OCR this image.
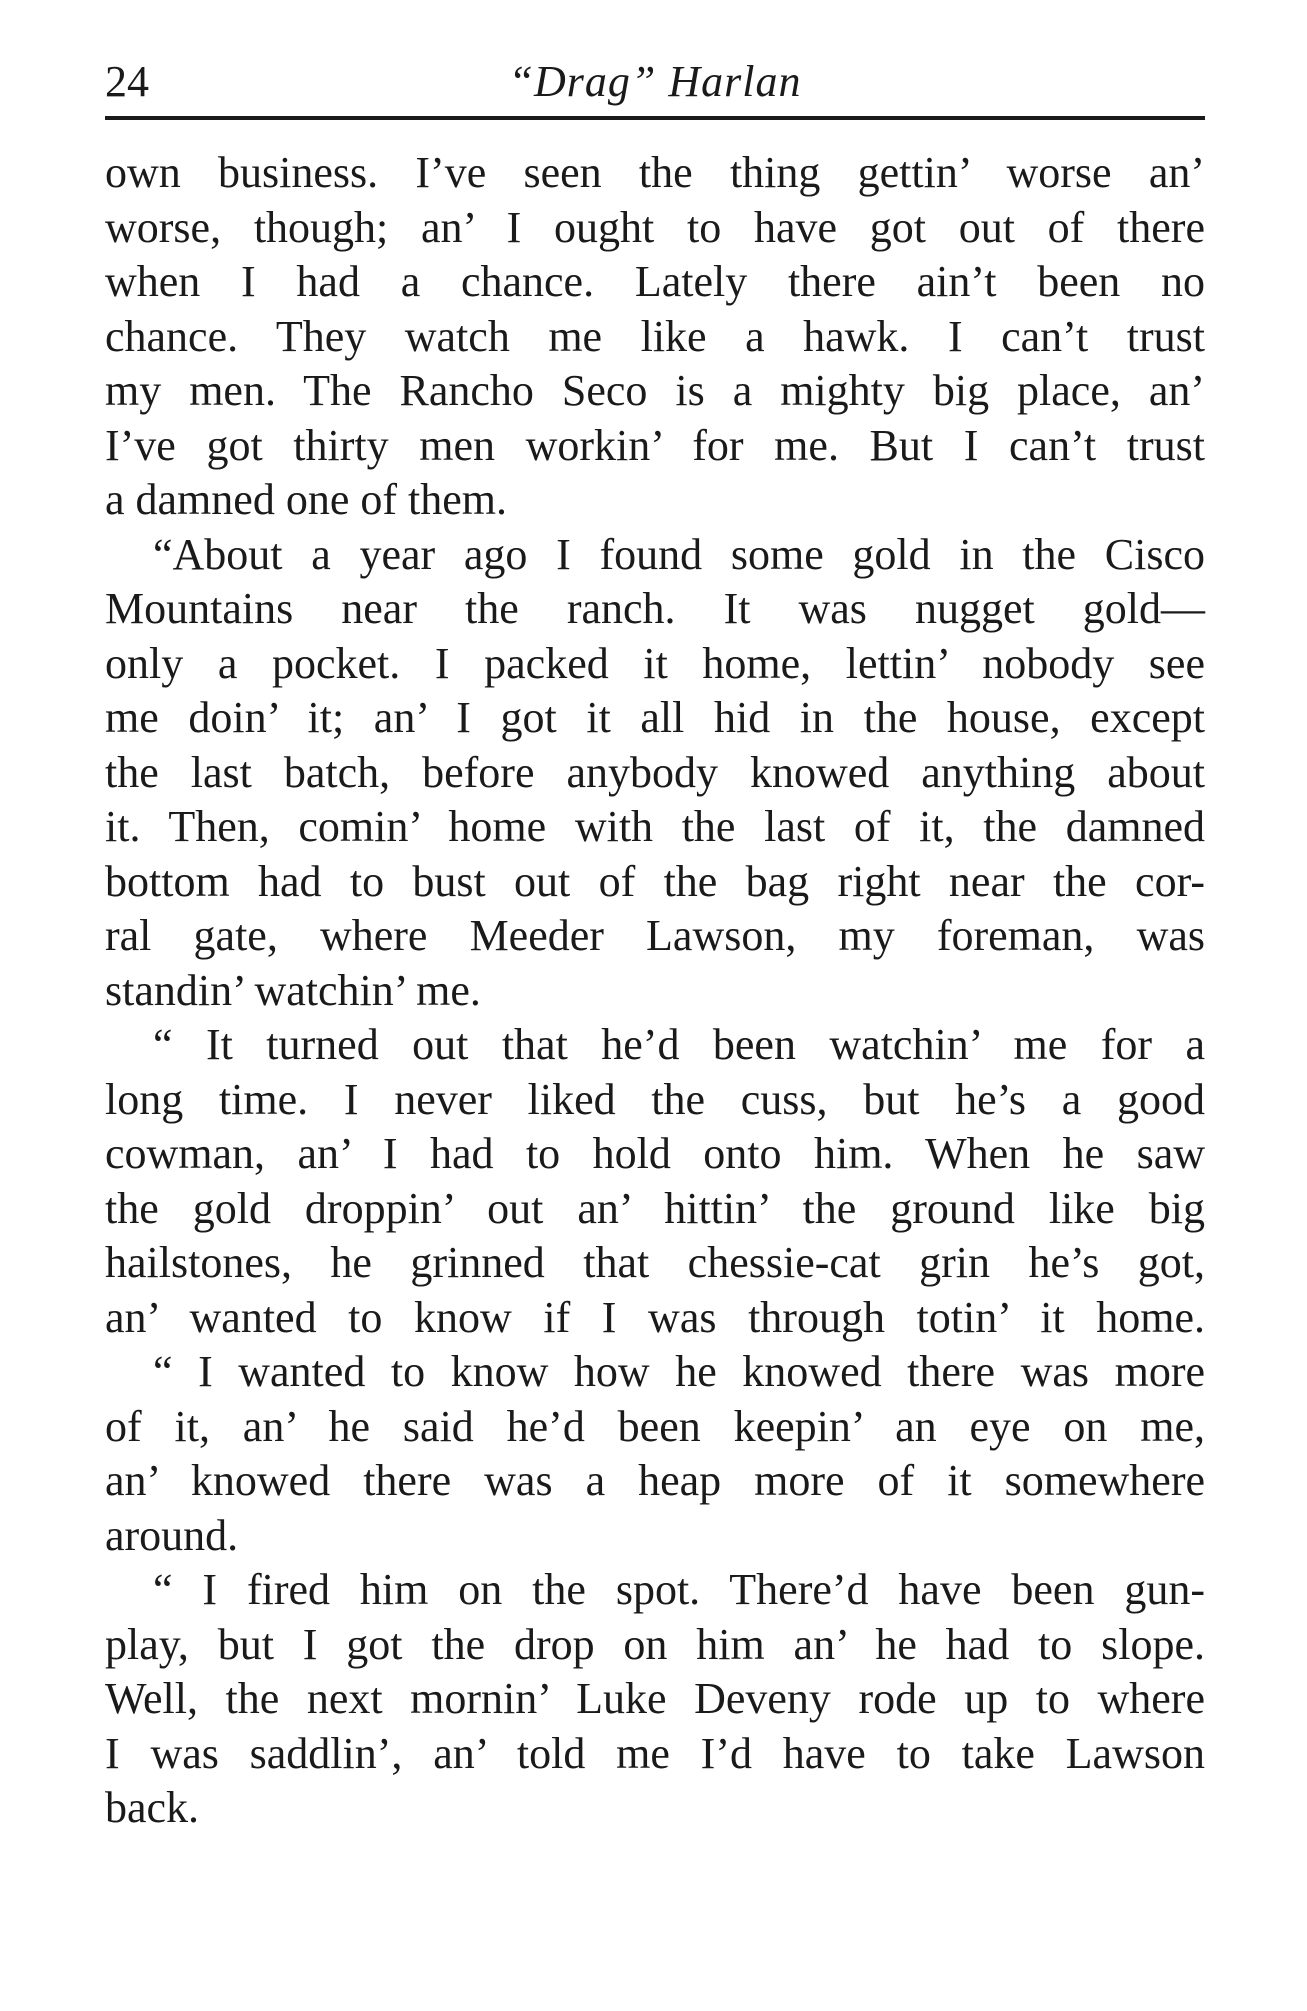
24	“Drag” Harlan
own business. I’ve seen the thing gettin’ worse an’
worse, though; an’ I ought to have got out of there
when I had a chance. Lately there ain’t been no
chance. They watch me like a hawk. I can’t trust
my men. The Rancho Seco is a mighty big place, an’
I’ve got thirty men workin’ for me. But I can’t trust
a damned one of them.
“About a year ago I found some gold in the Cisco
Mountains near the ranch. It was nugget gold—
only a pocket. I packed it home, lettin’ nobody see
me doin’ it; an’ I got it all hid in the house, except
the last batch, before anybody knowed anything about
it. Then, comin’ home with the last of it, the damned
bottom had to bust out of the bag right near the cor-
ral gate, where Meeder Lawson, my foreman, was
standin’ watchin’ me.
“ It turned out that he’d been watchin’ me for a
long time. I never liked the cuss, but he’s a good
cowman, an’ I had to hold onto him. When he saw
the gold droppin’ out an’ hittin’ the ground like big
hailstones, he grinned that chessie-cat grin he’s got,
an’ wanted to know if I was through totin’ it home.
“ I wanted to know how he knowed there was more
of it, an’ he said he’d been keepin’ an eye on me,
an’ knowed there was a heap more of it somewhere
around.
“ I fired him on the spot. There’d have been gun-
play, but I got the drop on him an’ he had to slope.
Well, the next mornin’ Luke Deveny rode up to where
I was saddlin’, an’ told me I’d have to take Lawson
back.
